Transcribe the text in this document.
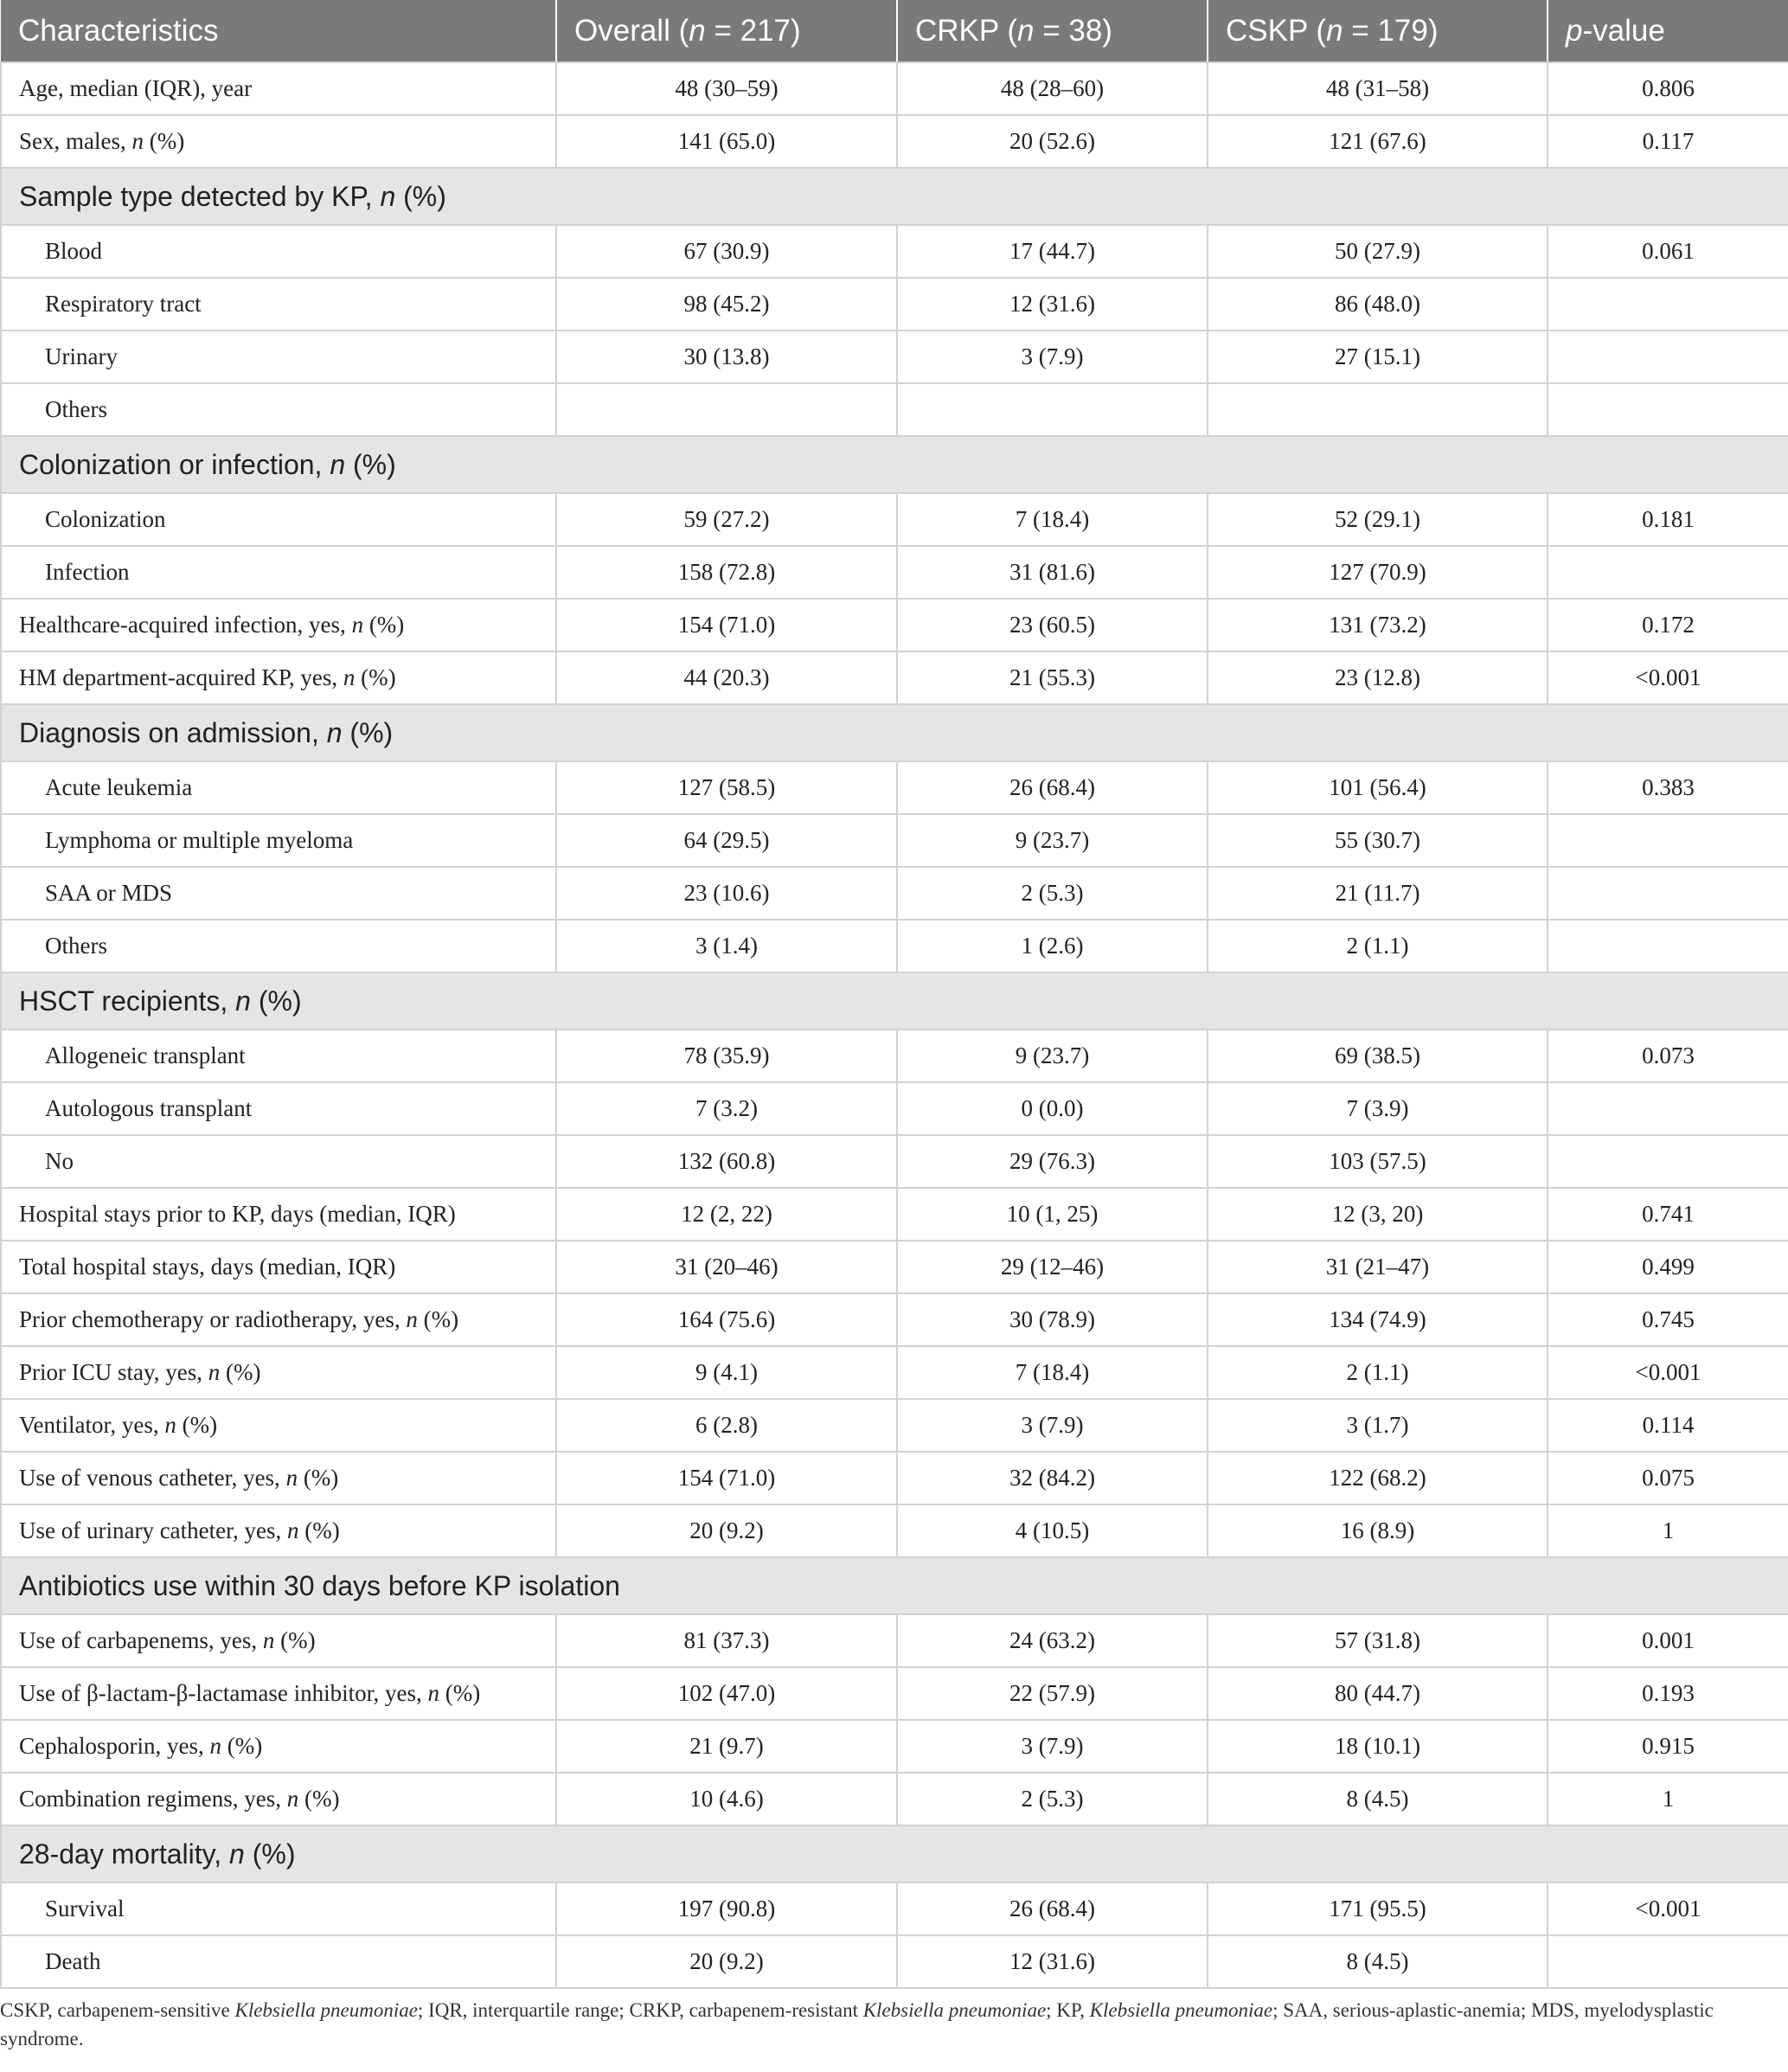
Characteristics	Overall (n = 217)	CRKP (n = 38)	CSKP (n = 179)	p-value
Age, median (IQR), year	48 (30–59)	48 (28–60)	48 (31–58)	0.806
Sex, males, n (%)	141 (65.0)	20 (52.6)	121 (67.6)	0.117
Sample type detected by KP, n (%)				
Blood	67 (30.9)	17 (44.7)	50 (27.9)	0.061
Respiratory tract	98 (45.2)	12 (31.6)	86 (48.0)	
Urinary	30 (13.8)	3 (7.9)	27 (15.1)	
Others				
Colonization or infection, n (%)				
Colonization	59 (27.2)	7 (18.4)	52 (29.1)	0.181
Infection	158 (72.8)	31 (81.6)	127 (70.9)	
Healthcare-acquired infection, yes, n (%)	154 (71.0)	23 (60.5)	131 (73.2)	0.172
HM department-acquired KP, yes, n (%)	44 (20.3)	21 (55.3)	23 (12.8)	<0.001
Diagnosis on admission, n (%)				
Acute leukemia	127 (58.5)	26 (68.4)	101 (56.4)	0.383
Lymphoma or multiple myeloma	64 (29.5)	9 (23.7)	55 (30.7)	
SAA or MDS	23 (10.6)	2 (5.3)	21 (11.7)	
Others	3 (1.4)	1 (2.6)	2 (1.1)	
HSCT recipients, n (%)				
Allogeneic transplant	78 (35.9)	9 (23.7)	69 (38.5)	0.073
Autologous transplant	7 (3.2)	0 (0.0)	7 (3.9)	
No	132 (60.8)	29 (76.3)	103 (57.5)	
Hospital stays prior to KP, days (median, IQR)	12 (2, 22)	10 (1, 25)	12 (3, 20)	0.741
Total hospital stays, days (median, IQR)	31 (20–46)	29 (12–46)	31 (21–47)	0.499
Prior chemotherapy or radiotherapy, yes, n (%)	164 (75.6)	30 (78.9)	134 (74.9)	0.745
Prior ICU stay, yes, n (%)	9 (4.1)	7 (18.4)	2 (1.1)	<0.001
Ventilator, yes, n (%)	6 (2.8)	3 (7.9)	3 (1.7)	0.114
Use of venous catheter, yes, n (%)	154 (71.0)	32 (84.2)	122 (68.2)	0.075
Use of urinary catheter, yes, n (%)	20 (9.2)	4 (10.5)	16 (8.9)	1
Antibiotics use within 30 days before KP isolation				
Use of carbapenems, yes, n (%)	81 (37.3)	24 (63.2)	57 (31.8)	0.001
Use of β-lactam-β-lactamase inhibitor, yes, n (%)	102 (47.0)	22 (57.9)	80 (44.7)	0.193
Cephalosporin, yes, n (%)	21 (9.7)	3 (7.9)	18 (10.1)	0.915
Combination regimens, yes, n (%)	10 (4.6)	2 (5.3)	8 (4.5)	1
28-day mortality, n (%)				
Survival	197 (90.8)	26 (68.4)	171 (95.5)	<0.001
Death	20 (9.2)	12 (31.6)	8 (4.5)	
CSKP, carbapenem-sensitive Klebsiella pneumoniae; IQR, interquartile range; CRKP, carbapenem-resistant Klebsiella pneumoniae; KP, Klebsiella pneumoniae; SAA, serious-aplastic-anemia; MDS, myelodysplastic syndrome.
